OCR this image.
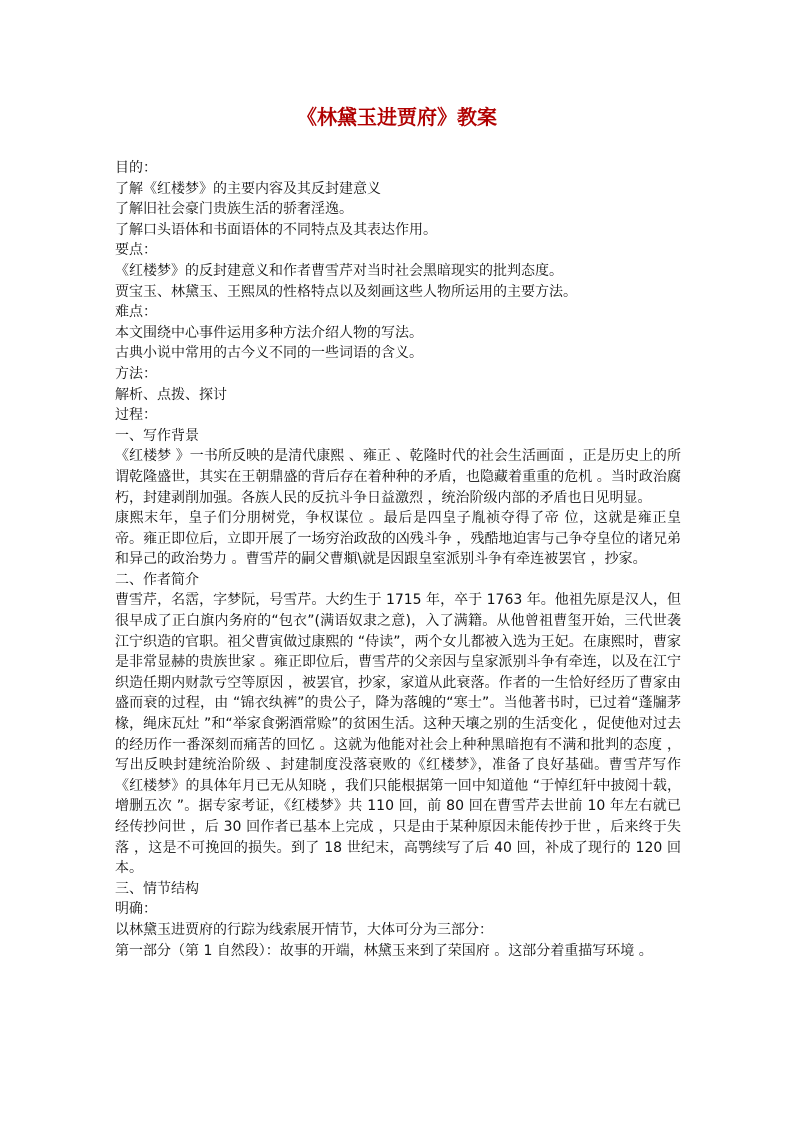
《林黛玉进贾府》教案

目的：

了解《红楼梦》的主要内容及其反封建意义

了解旧社会豪门贵族生活的骄奢淫逸。

了解口头语体和书面语体的不同特点及其表达作用。

要点：

《红楼梦》的反封建意义和作者曹雪芹对当时社会黑暗现实的批判态度。

贾宝玉、林黛玉、王熙凤的性格特点以及刻画这些人物所运用的主要方法。

难点：

本文围绕中心事件运用多种方法介绍人物的写法。

古典小说中常用的古今义不同的一些词语的含义。

方法：

解析、点拨、探讨

过程：

一、写作背景

《红楼梦 》一书所反映的是清代康熙 、雍正 、乾隆时代的社会生活画面 ，正是历史上的所谓乾隆盛世，其实在王朝鼎盛的背后存在着种种的矛盾，也隐藏着重重的危机 。当时政治腐朽，封建剥削加强。各族人民的反抗斗争日益激烈 ，统治阶级内部的矛盾也日见明显。

康熙末年，皇子们分朋树党，争权谋位 。最后是四皇子胤祯夺得了帝 位，这就是雍正皇帝。雍正即位后，立即开展了一场穷治政敌的凶残斗争 ，残酷地迫害与己争夺皇位的诸兄弟和异己的政治势力 。曹雪芹的嗣父曹頫\就是因跟皇室派别斗争有牵连被罢官 ，抄家。

二、作者简介

曹雪芹，名霑，字梦阮，号雪芹。大约生于 1715 年，卒于 1763 年。他祖先原是汉人，但很早成了正白旗内务府的“包衣”(满语奴隶之意)，入了满籍。从他曾祖曹玺开始，三代世袭江宁织造的官职。祖父曹寅做过康熙的 “侍读”，两个女儿都被入选为王妃。在康熙时，曹家是非常显赫的贵族世家 。雍正即位后，曹雪芹的父亲因与皇家派别斗争有牵连，以及在江宁织造任期内财款亏空等原因 ，被罢官，抄家，家道从此衰落。作者的一生恰好经历了曹家由盛而衰的过程，由 “锦衣纨裤”的贵公子，降为落魄的“寒士”。当他著书时，已过着“蓬牖茅椽，绳床瓦灶 ”和“举家食粥酒常赊”的贫困生活。这种天壤之别的生活变化 ，促使他对过去的经历作一番深刻而痛苦的回忆 。这就为他能对社会上种种黑暗抱有不满和批判的态度 ，写出反映封建统治阶级 、封建制度没落衰败的《红楼梦》，准备了良好基础。曹雪芹写作《红楼梦》的具体年月已无从知晓 ，我们只能根据第一回中知道他 “于悼红轩中披阅十载，增删五次 ”。据专家考证，《红楼梦》共 110 回，前 80 回在曹雪芹去世前 10 年左右就已经传抄问世 ，后 30 回作者已基本上完成 ，只是由于某种原因未能传抄于世 ，后来终于失落 ，这是不可挽回的损失。到了 18 世纪末，高鹗续写了后 40 回，补成了现行的 120 回本。

三、情节结构

明确：

以林黛玉进贾府的行踪为线索展开情节，大体可分为三部分：

第一部分（第 1 自然段）：故事的开端，林黛玉来到了荣国府 。这部分着重描写环境 。
